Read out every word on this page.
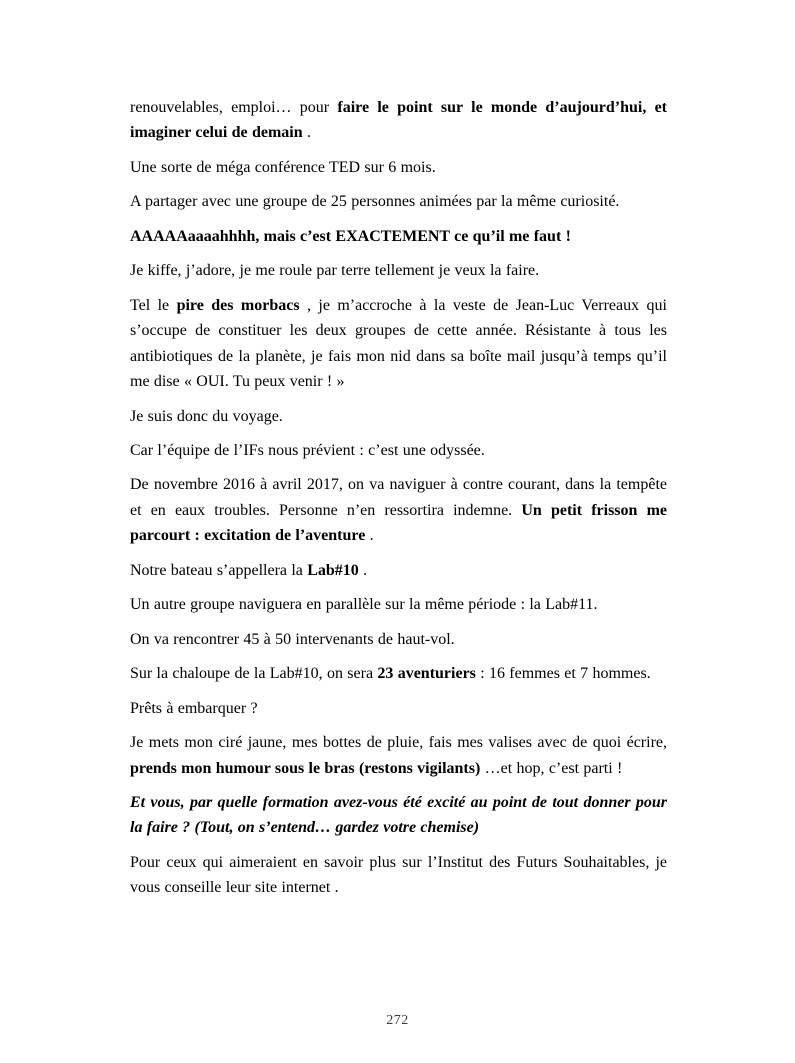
renouvelables, emploi… pour faire le point sur le monde d’aujourd’hui, et imaginer celui de demain .

Une sorte de méga conférence TED sur 6 mois.

A partager avec une groupe de 25 personnes animées par la même curiosité.

AAAAAaaaahhhh, mais c’est EXACTEMENT ce qu’il me faut !

Je kiffe, j’adore, je me roule par terre tellement je veux la faire.

Tel le pire des morbacs , je m’accroche à la veste de Jean-Luc Verreaux qui s’occupe de constituer les deux groupes de cette année. Résistante à tous les antibiotiques de la planète, je fais mon nid dans sa boîte mail jusqu’à temps qu’il me dise « OUI. Tu peux venir ! »

Je suis donc du voyage.

Car l’équipe de l’IFs nous prévient : c’est une odyssée.

De novembre 2016 à avril 2017, on va naviguer à contre courant, dans la tempête et en eaux troubles. Personne n’en ressortira indemne. Un petit frisson me parcourt : excitation de l’aventure .

Notre bateau s’appellera la Lab#10 .

Un autre groupe naviguera en parallèle sur la même période : la Lab#11.

On va rencontrer 45 à 50 intervenants de haut-vol.

Sur la chaloupe de la Lab#10, on sera 23 aventuriers : 16 femmes et 7 hommes.

Prêts à embarquer ?

Je mets mon ciré jaune, mes bottes de pluie, fais mes valises avec de quoi écrire, prends mon humour sous le bras (restons vigilants) …et hop, c’est parti !

Et vous, par quelle formation avez-vous été excité au point de tout donner pour la faire ? (Tout, on s’entend… gardez votre chemise)

Pour ceux qui aimeraient en savoir plus sur l’Institut des Futurs Souhaitables, je vous conseille leur site internet .

272
